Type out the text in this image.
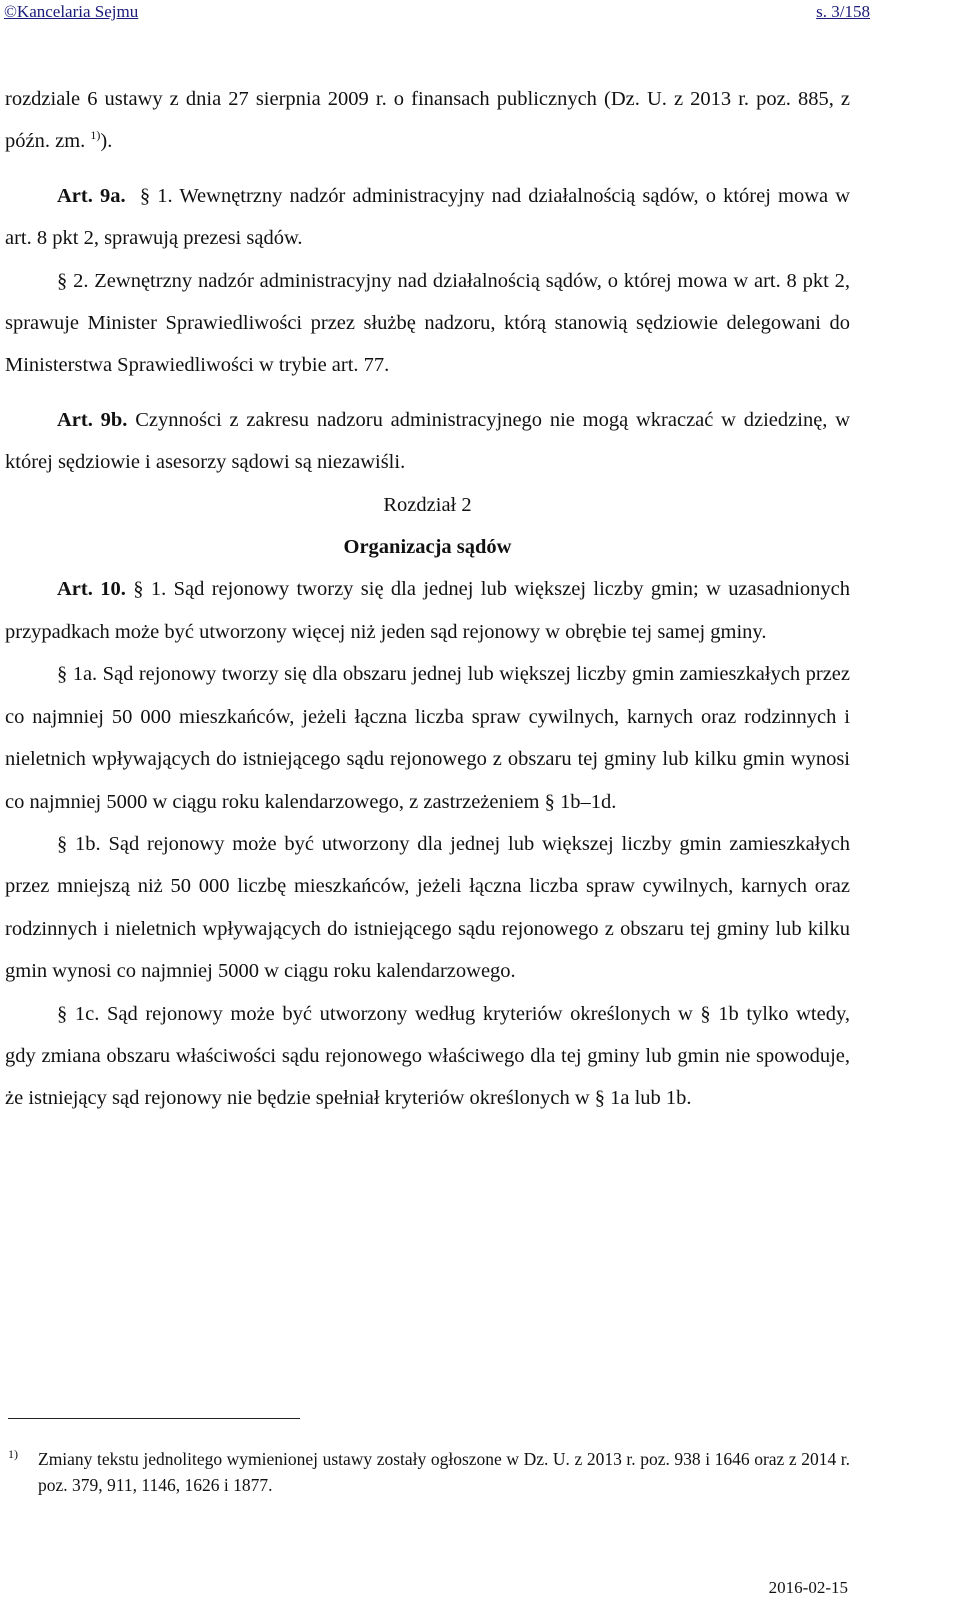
©Kancelaria Sejmu	s. 3/158

rozdziale 6 ustawy z dnia 27 sierpnia 2009 r. o finansach publicznych (Dz. U. z 2013 r. poz. 885, z późn. zm. $^{1)}$).

Art. 9a. § 1. Wewnętrzny nadzór administracyjny nad działalnością sądów, o której mowa w art. 8 pkt 2, sprawują prezesi sądów.

§ 2. Zewnętrzny nadzór administracyjny nad działalnością sądów, o której mowa w art. 8 pkt 2, sprawuje Minister Sprawiedliwości przez służbę nadzoru, którą stanowią sędziowie delegowani do Ministerstwa Sprawiedliwości w trybie art. 77.

Art. 9b. Czynności z zakresu nadzoru administracyjnego nie mogą wkraczać w dziedzinę, w której sędziowie i asesorzy sądowi są niezawiśli.

Rozdział 2

Organizacja sądów

Art. 10. § 1. Sąd rejonowy tworzy się dla jednej lub większej liczby gmin; w uzasadnionych przypadkach może być utworzony więcej niż jeden sąd rejonowy w obrębie tej samej gminy.

§ 1a. Sąd rejonowy tworzy się dla obszaru jednej lub większej liczby gmin zamieszkałych przez co najmniej 50 000 mieszkańców, jeżeli łączna liczba spraw cywilnych, karnych oraz rodzinnych i nieletnich wpływających do istniejącego sądu rejonowego z obszaru tej gminy lub kilku gmin wynosi co najmniej 5000 w ciągu roku kalendarzowego, z zastrzeżeniem § 1b–1d.

§ 1b. Sąd rejonowy może być utworzony dla jednej lub większej liczby gmin zamieszkałych przez mniejszą niż 50 000 liczbę mieszkańców, jeżeli łączna liczba spraw cywilnych, karnych oraz rodzinnych i nieletnich wpływających do istniejącego sądu rejonowego z obszaru tej gminy lub kilku gmin wynosi co najmniej 5000 w ciągu roku kalendarzowego.

§ 1c. Sąd rejonowy może być utworzony według kryteriów określonych w § 1b tylko wtedy, gdy zmiana obszaru właściwości sądu rejonowego właściwego dla tej gminy lub gmin nie spowoduje, że istniejący sąd rejonowy nie będzie spełniał kryteriów określonych w § 1a lub 1b.

1)	Zmiany tekstu jednolitego wymienionej ustawy zostały ogłoszone w Dz. U. z 2013 r. poz. 938 i 1646 oraz z 2014 r. poz. 379, 911, 1146, 1626 i 1877.
2016-02-15
